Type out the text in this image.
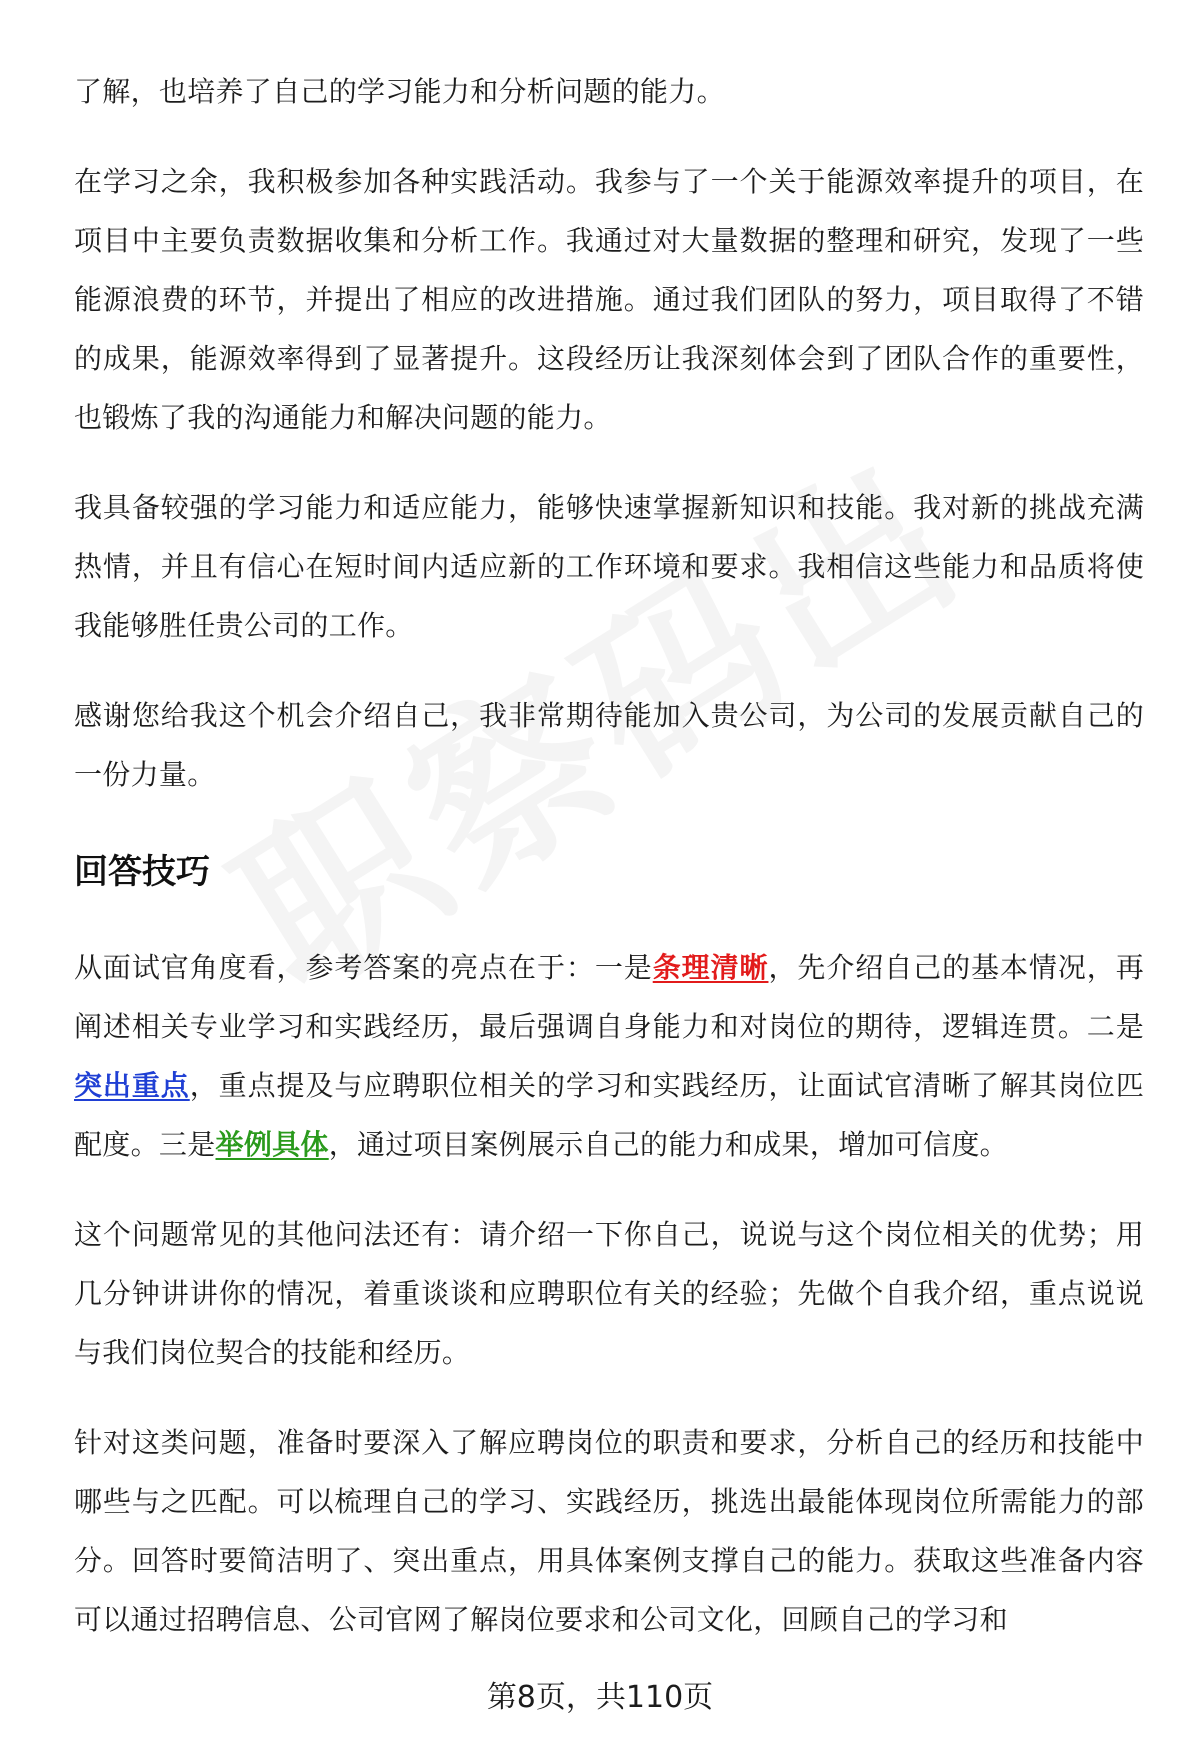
了解，也培养了自己的学习能力和分析问题的能力。

在学习之余，我积极参加各种实践活动。我参与了一个关于能源效率提升的项目，在项目中主要负责数据收集和分析工作。我通过对大量数据的整理和研究，发现了一些能源浪费的环节，并提出了相应的改进措施。通过我们团队的努力，项目取得了不错的成果，能源效率得到了显著提升。这段经历让我深刻体会到了团队合作的重要性，也锻炼了我的沟通能力和解决问题的能力。

我具备较强的学习能力和适应能力，能够快速掌握新知识和技能。我对新的挑战充满热情，并且有信心在短时间内适应新的工作环境和要求。我相信这些能力和品质将使我能够胜任贵公司的工作。

感谢您给我这个机会介绍自己，我非常期待能加入贵公司，为公司的发展贡献自己的一份力量。

回答技巧

从面试官角度看，参考答案的亮点在于：一是条理清晰，先介绍自己的基本情况，再阐述相关专业学习和实践经历，最后强调自身能力和对岗位的期待，逻辑连贯。二是突出重点，重点提及与应聘职位相关的学习和实践经历，让面试官清晰了解其岗位匹配度。三是举例具体，通过项目案例展示自己的能力和成果，增加可信度。

这个问题常见的其他问法还有：请介绍一下你自己，说说与这个岗位相关的优势；用几分钟讲讲你的情况，着重谈谈和应聘职位有关的经验；先做个自我介绍，重点说说与我们岗位契合的技能和经历。

针对这类问题，准备时要深入了解应聘岗位的职责和要求，分析自己的经历和技能中哪些与之匹配。可以梳理自己的学习、实践经历，挑选出最能体现岗位所需能力的部分。回答时要简洁明了、突出重点，用具体案例支撑自己的能力。获取这些准备内容可以通过招聘信息、公司官网了解岗位要求和公司文化，回顾自己的学习和

第8页，共110页
